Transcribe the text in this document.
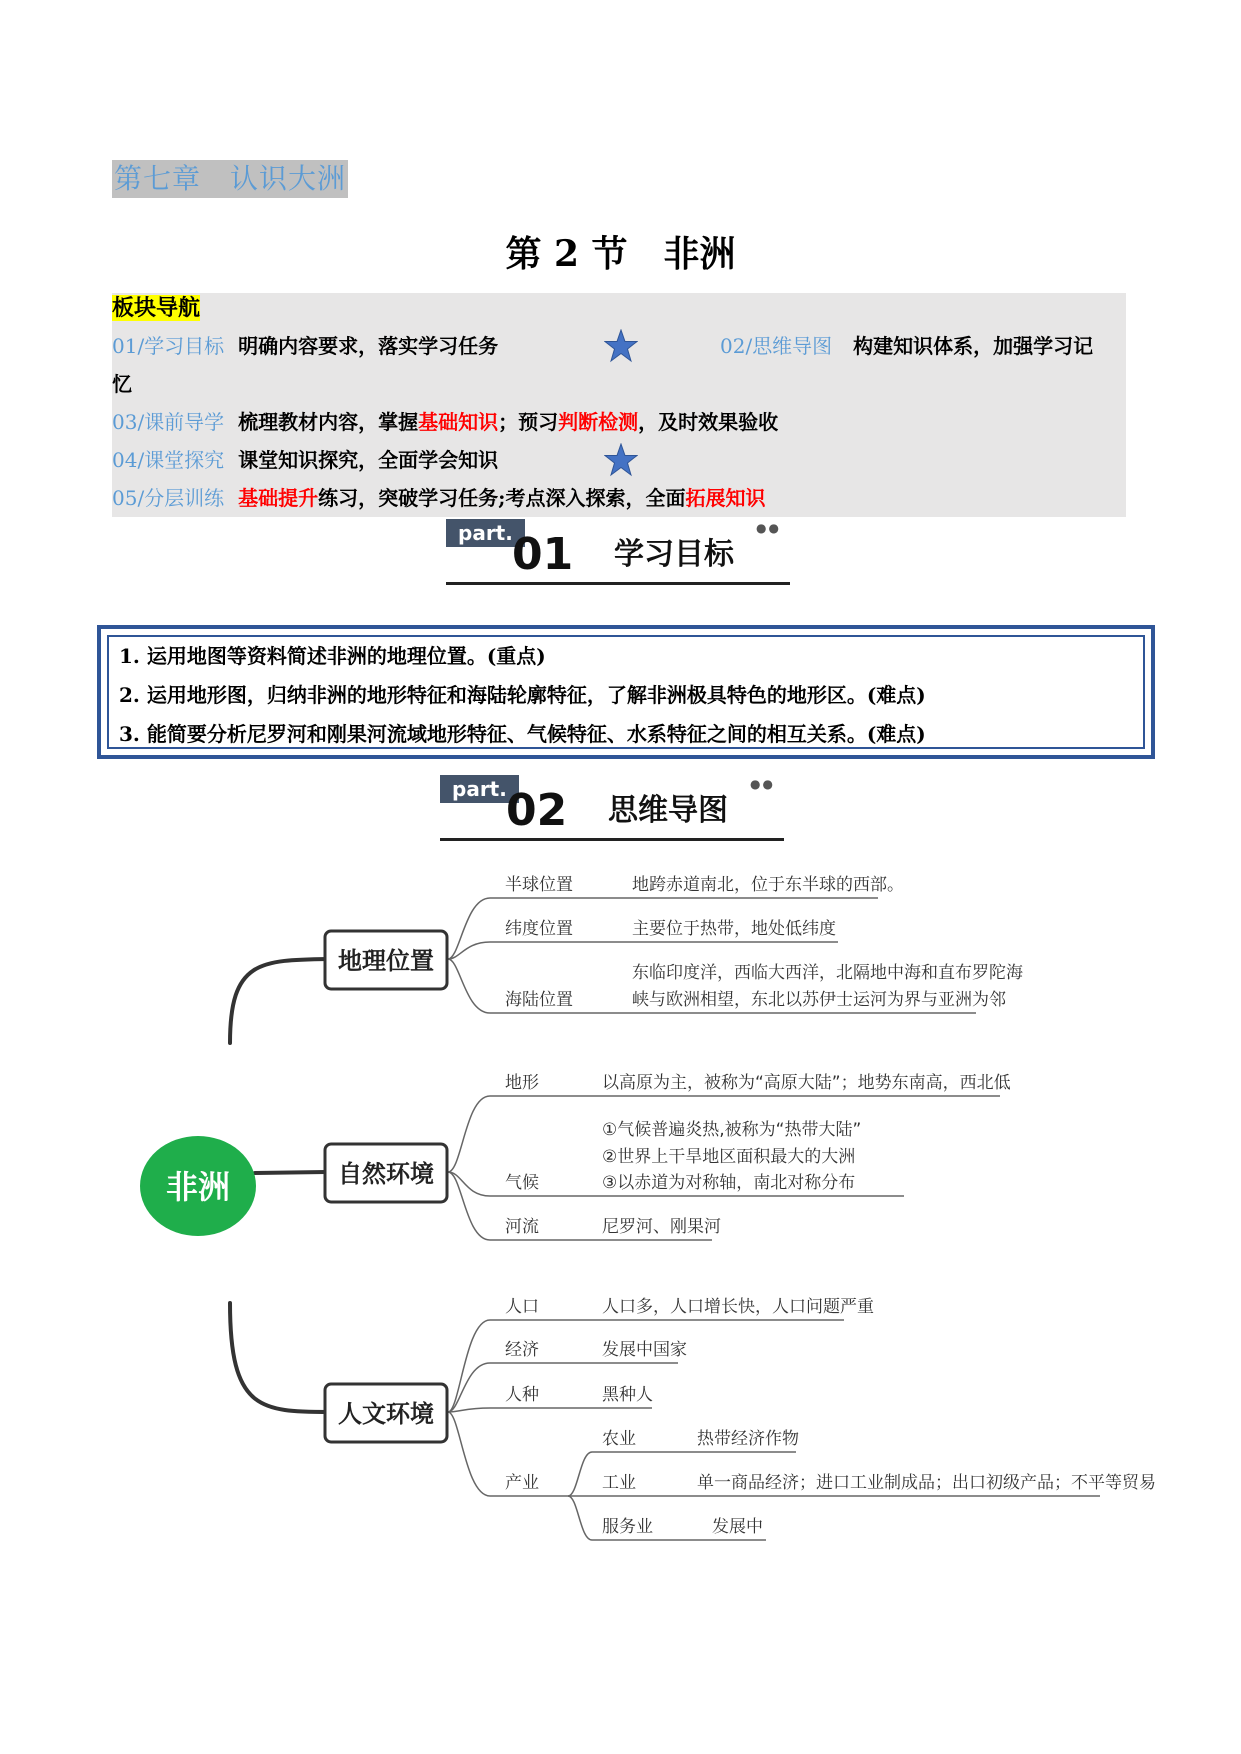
第七章　认识大洲
第 2 节　非洲
板块导航
01/学习目标 明确内容要求，落实学习任务	02/思维导图 构建知识体系，加强学习记
忆
03/课前导学 梳理教材内容，掌握基础知识；预习判断检测，及时效果验收
04/课堂探究 课堂知识探究，全面学会知识
05/分层训练 基础提升练习，突破学习任务;考点深入探索，全面拓展知识
part. 01 学习目标
●●
1. 运用地图等资料简述非洲的地理位置。(重点)
2. 运用地形图，归纳非洲的地形特征和海陆轮廓特征，了解非洲极具特色的地形区。(难点)
3. 能简要分析尼罗河和刚果河流域地形特征、气候特征、水系特征之间的相互关系。(难点)
part. 02 思维导图
●●
非洲
地理位置
自然环境
人文环境
半球位置	地跨赤道南北，位于东半球的西部。
纬度位置	主要位于热带，地处低纬度
海陆位置
东临印度洋，西临大西洋，北隔地中海和直布罗陀海
峡与欧洲相望，东北以苏伊士运河为界与亚洲为邻
地形	以高原为主，被称为“高原大陆”；地势东南高，西北低
气候
①气候普遍炎热,被称为“热带大陆”
②世界上干旱地区面积最大的大洲
③以赤道为对称轴，南北对称分布
河流	尼罗河、刚果河
人口	人口多，人口增长快，人口问题严重
经济	发展中国家
人种	黑种人
产业
农业	热带经济作物
工业	单一商品经济；进口工业制成品；出口初级产品；不平等贸易
服务业	发展中
